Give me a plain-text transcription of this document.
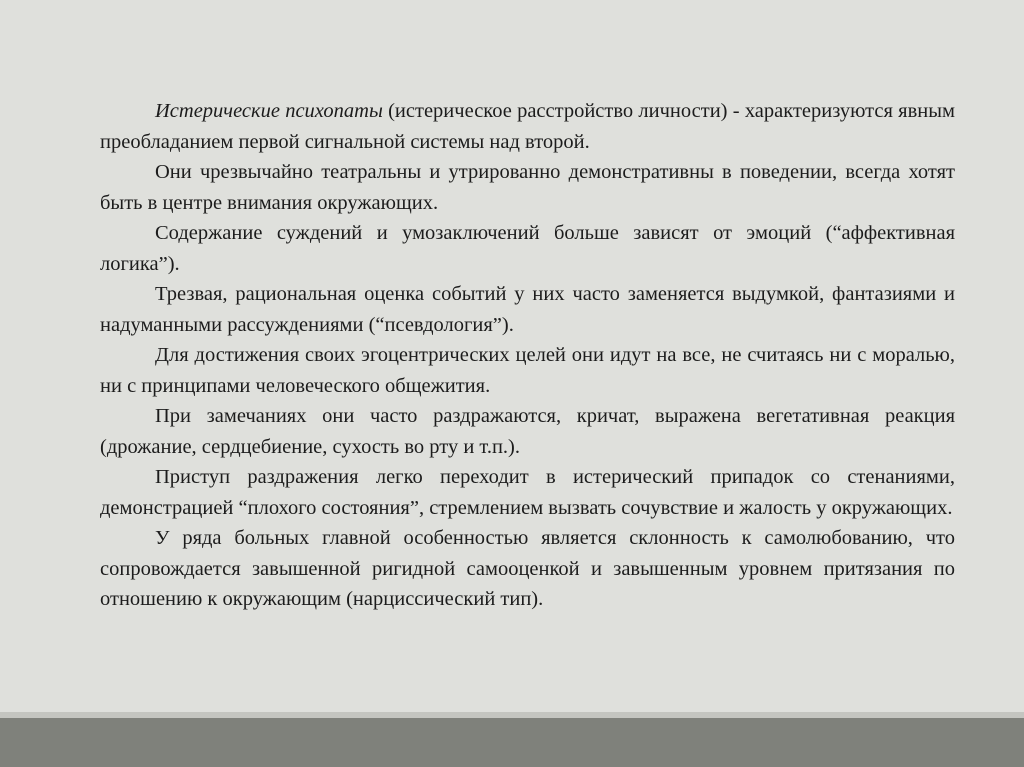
Истерические психопаты (истерическое расстройство личности) - характеризуются явным преобладанием первой сигнальной системы над второй.

Они чрезвычайно театральны и утрированно демонстративны в поведении, всегда хотят быть в центре внимания окружающих.

Содержание суждений и умозаключений больше зависят от эмоций (“аффективная логика”).

Трезвая, рациональная оценка событий у них часто заменяется выдумкой, фантазиями и надуманными рассуждениями (“псевдология”).

Для достижения своих эгоцентрических целей они идут на все, не считаясь ни с моралью, ни с принципами человеческого общежития.

При замечаниях они часто раздражаются, кричат, выражена вегетативная реакция (дрожание, сердцебиение, сухость во рту и т.п.).

Приступ раздражения легко переходит в истерический припадок со стенаниями, демонстрацией “плохого состояния”, стремлением вызвать сочувствие и жалость у окружающих.

У ряда больных главной особенностью является склонность к самолюбованию, что сопровождается завышенной ригидной самооценкой и завышенным уровнем притязания по отношению к окружающим (нарциссический тип).
